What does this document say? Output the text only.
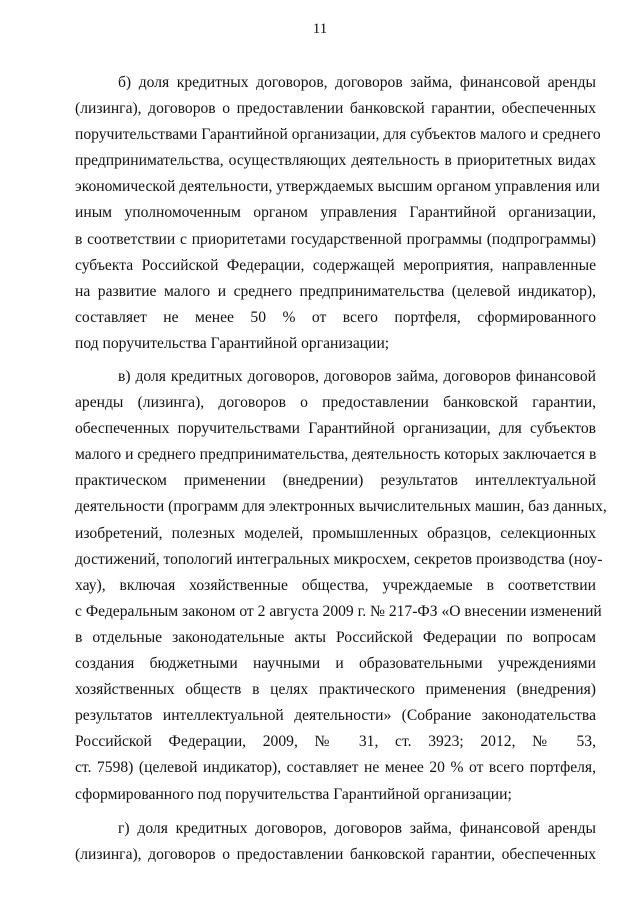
11
б) доля кредитных договоров, договоров займа, финансовой аренды
(лизинга), договоров о предоставлении банковской гарантии, обеспеченных
поручительствами Гарантийной организации, для субъектов малого и среднего
предпринимательства, осуществляющих деятельность в приоритетных видах
экономической деятельности, утверждаемых высшим органом управления или
иным уполномоченным органом управления Гарантийной организации,
в соответствии с приоритетами государственной программы (подпрограммы)
субъекта Российской Федерации, содержащей мероприятия, направленные
на развитие малого и среднего предпринимательства (целевой индикатор),
составляет не менее 50 % от всего портфеля, сформированного
под поручительства Гарантийной организации;
в) доля кредитных договоров, договоров займа, договоров финансовой
аренды (лизинга), договоров о предоставлении банковской гарантии,
обеспеченных поручительствами Гарантийной организации, для субъектов
малого и среднего предпринимательства, деятельность которых заключается в
практическом применении (внедрении) результатов интеллектуальной
деятельности (программ для электронных вычислительных машин, баз данных,
изобретений, полезных моделей, промышленных образцов, селекционных
достижений, топологий интегральных микросхем, секретов производства (ноу-
хау), включая хозяйственные общества, учреждаемые в соответствии
с Федеральным законом от 2 августа 2009 г. № 217-ФЗ «О внесении изменений
в отдельные законодательные акты Российской Федерации по вопросам
создания бюджетными научными и образовательными учреждениями
хозяйственных обществ в целях практического применения (внедрения)
результатов интеллектуальной деятельности» (Собрание законодательства
Российской Федерации, 2009, № 31, ст. 3923; 2012, № 53,
ст. 7598) (целевой индикатор), составляет не менее 20 % от всего портфеля,
сформированного под поручительства Гарантийной организации;
г) доля кредитных договоров, договоров займа, финансовой аренды
(лизинга), договоров о предоставлении банковской гарантии, обеспеченных
